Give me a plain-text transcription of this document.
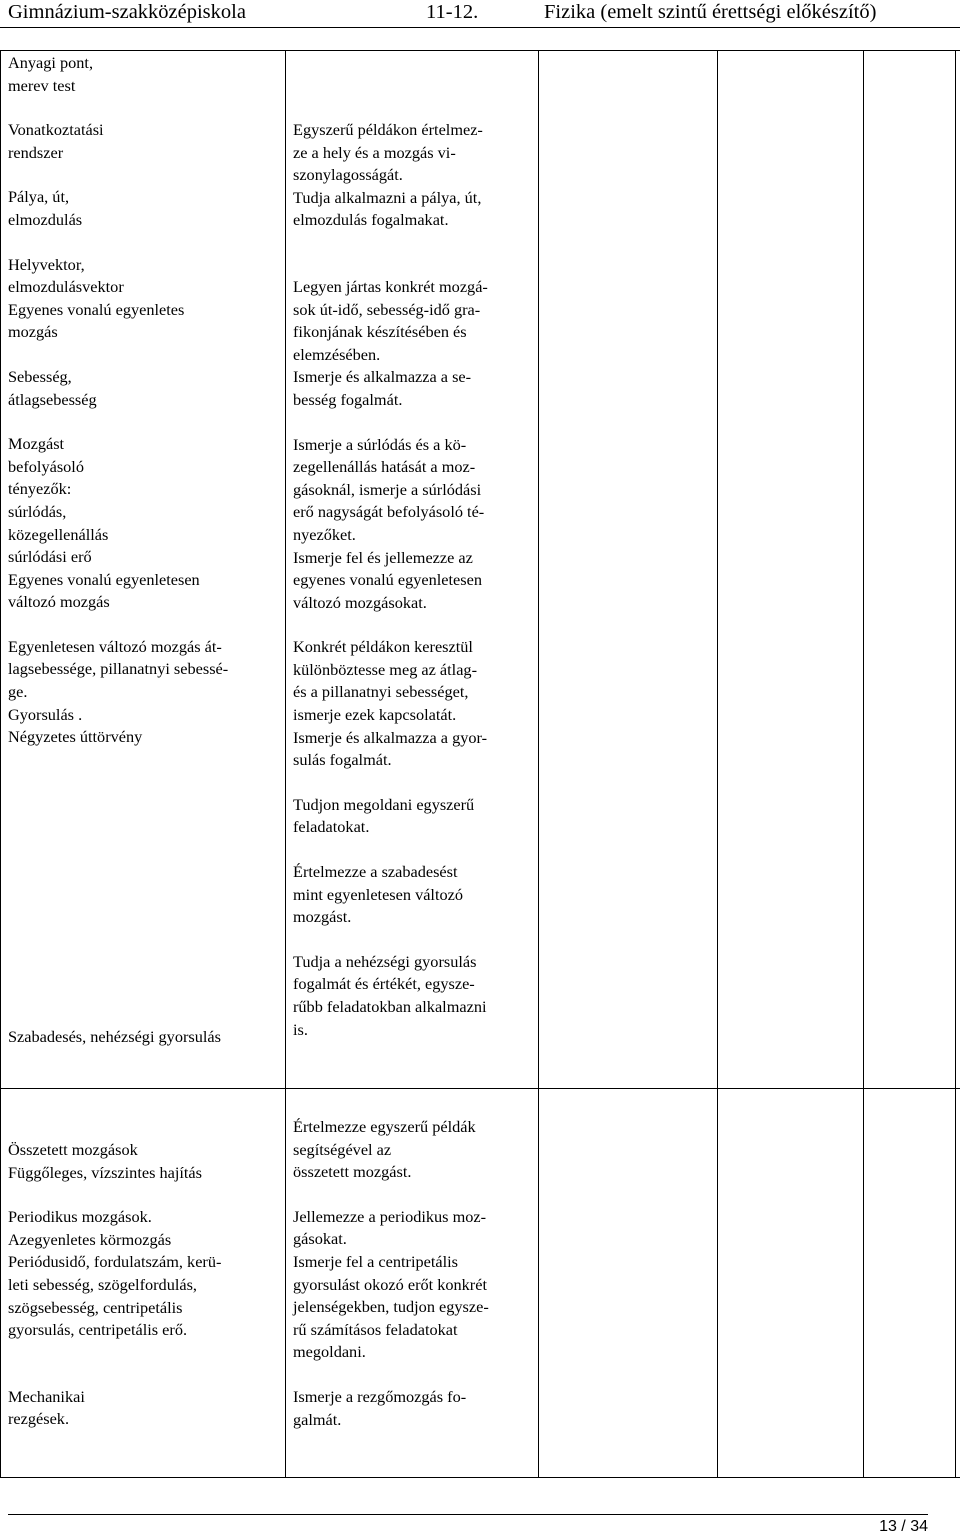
Gimnázium-szakközépiskola	11-12.	Fizika (emelt szintű érettségi előkészítő)

Anyagi pont,

merev test

Vonatkoztatási

rendszer

Pálya, út,

elmozdulás

Helyvektor,

elmozdulásvektor

Egyenes vonalú egyenletes

mozgás

Sebesség,

átlagsebesség

Mozgást

befolyásoló

tényezők:

súrlódás,

közegellenállás

súrlódási erő

Egyenes vonalú egyenletesen

változó mozgás

Egyenletesen változó mozgás át-

lagsebessége, pillanatnyi sebessé-

ge.

Gyorsulás .

Négyzetes úttörvény

Szabadesés, nehézségi gyorsulás

Egyszerű példákon értelmez-

ze a hely és a mozgás vi-

szonylagosságát.

Tudja alkalmazni a pálya, út,

elmozdulás fogalmakat.

Legyen jártas konkrét mozgá-

sok út-idő, sebesség-idő gra-

fikonjának készítésében és

elemzésében.

Ismerje és alkalmazza a se-

besség fogalmát.

Ismerje a súrlódás és a kö-

zegellenállás hatását a moz-

gásoknál, ismerje a súrlódási

erő nagyságát befolyásoló té-

nyezőket.

Ismerje fel és jellemezze az

egyenes vonalú egyenletesen

változó mozgásokat.

Konkrét példákon keresztül

különböztesse meg az átlag-

és a pillanatnyi sebességet,

ismerje ezek kapcsolatát.

Ismerje és alkalmazza a gyor-

sulás fogalmát.

Tudjon megoldani egyszerű

feladatokat.

Értelmezze a szabadesést

mint egyenletesen változó

mozgást.

Tudja a nehézségi gyorsulás

fogalmát és értékét, egysze-

rűbb feladatokban alkalmazni

is.

Összetett mozgások

Függőleges, vízszintes hajítás

Periodikus mozgások.

Azegyenletes körmozgás

Periódusidő, fordulatszám, kerü-

leti sebesség, szögelfordulás,

szögsebesség, centripetális

gyorsulás, centripetális erő.

Mechanikai

rezgések.

Értelmezze egyszerű példák

segítségével az

összetett mozgást.

Jellemezze a periodikus moz-

gásokat.

Ismerje fel a centripetális

gyorsulást okozó erőt konkrét

jelenségekben, tudjon egysze-

rű számításos feladatokat

megoldani.

Ismerje a rezgőmozgás fo-

galmát.

13 / 34
